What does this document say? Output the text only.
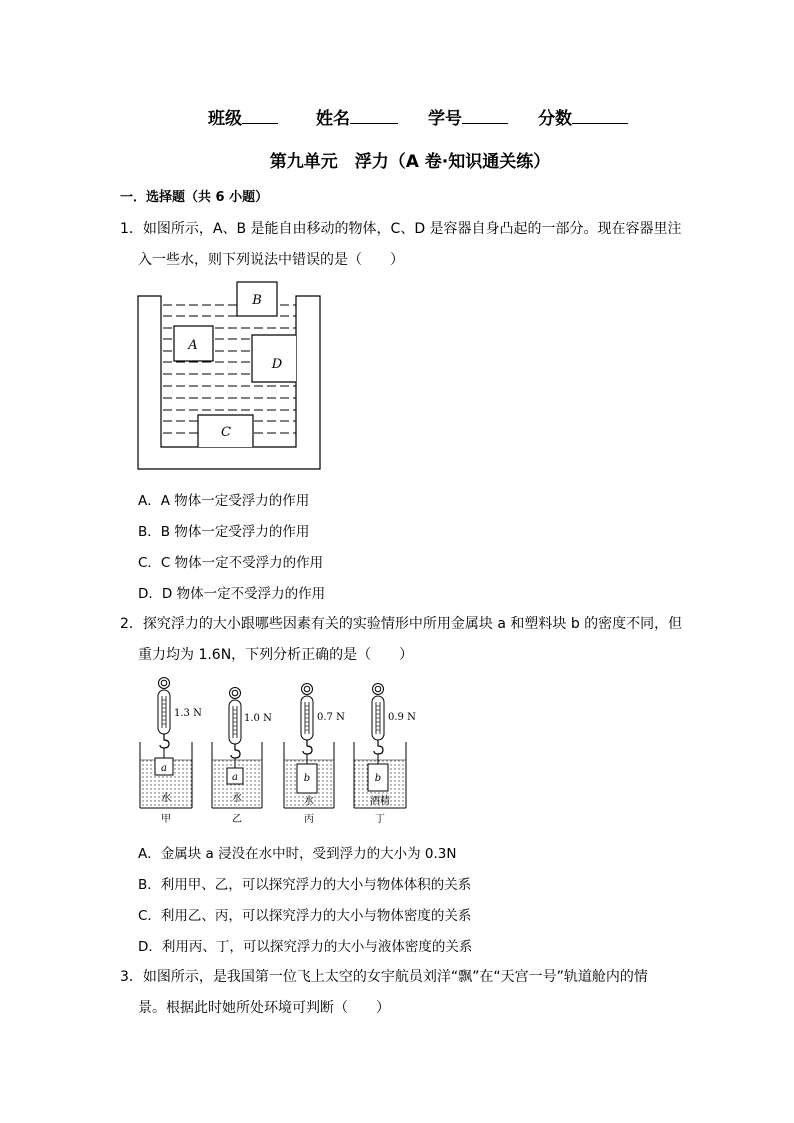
班级	姓名	学号	分数
第九单元　浮力（A 卷·知识通关练）
一．选择题（共 6 小题）
1．如图所示，A、B 是能自由移动的物体，C、D 是容器自身凸起的一部分。现在容器里注
入一些水，则下列说法中错误的是（　　）
A
B
C
D
A．A 物体一定受浮力的作用
B．B 物体一定受浮力的作用
C．C 物体一定不受浮力的作用
D．D 物体一定不受浮力的作用
2．探究浮力的大小跟哪些因素有关的实验情形中所用金属块 a 和塑料块 b 的密度不同，但
重力均为 1.6N，下列分析正确的是（　　）
a
1.3 N
水
甲
a
1.0 N
水
乙
b
0.7 N
水
丙
b
0.9 N
酒精
丁
A．金属块 a 浸没在水中时，受到浮力的大小为 0.3N
B．利用甲、乙，可以探究浮力的大小与物体体积的关系
C．利用乙、丙，可以探究浮力的大小与物体密度的关系
D．利用丙、丁，可以探究浮力的大小与液体密度的关系
3．如图所示，是我国第一位飞上太空的女宇航员刘洋“飘”在“天宫一号”轨道舱内的情
景。根据此时她所处环境可判断（　　）
